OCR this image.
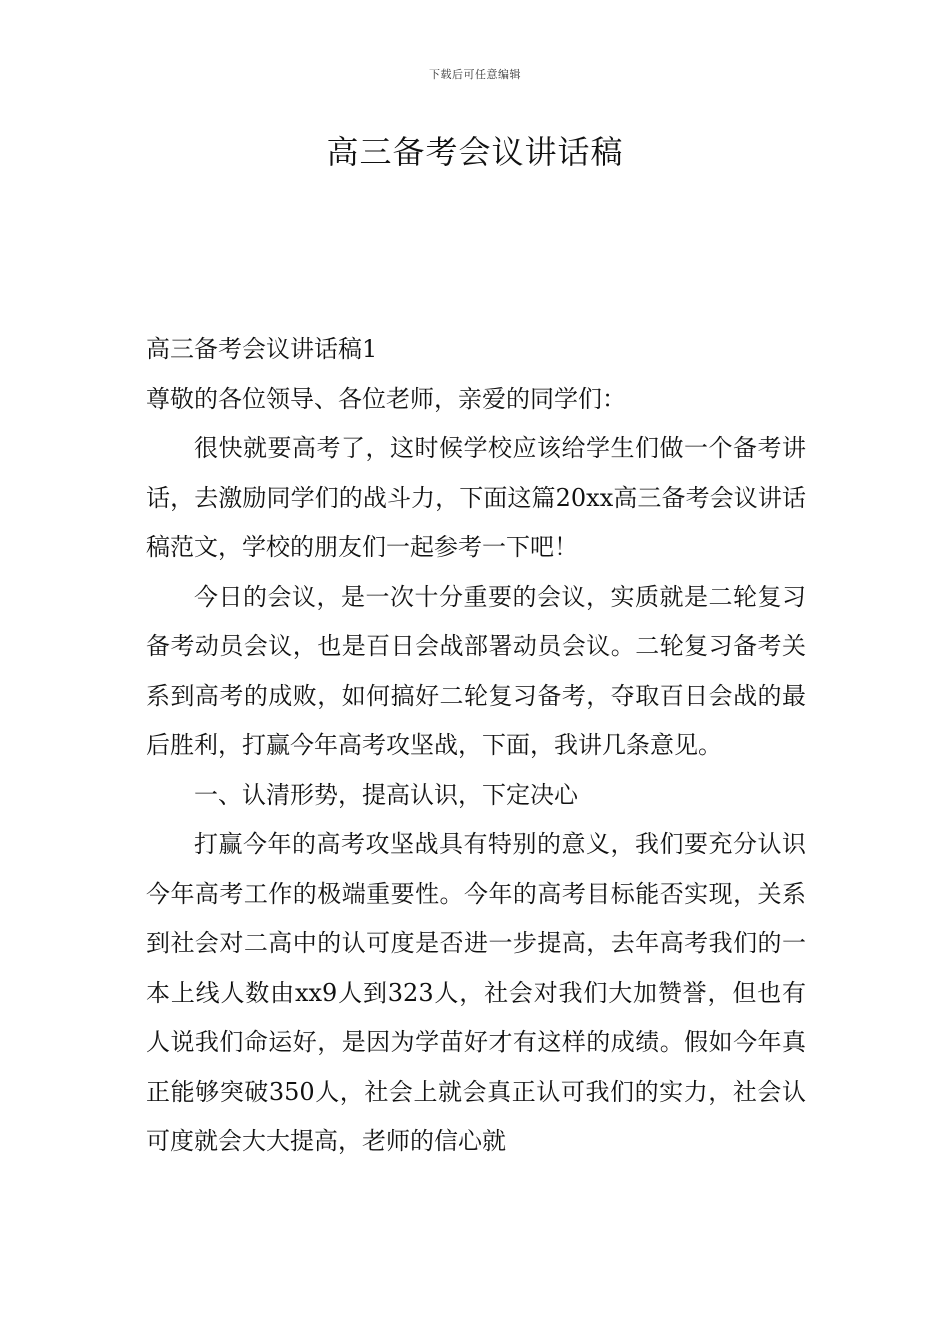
下载后可任意编辑
高三备考会议讲话稿

高三备考会议讲话稿1

尊敬的各位领导、各位老师，亲爱的同学们：

很快就要高考了，这时候学校应该给学生们做一个备考讲话，去激励同学们的战斗力，下面这篇20xx高三备考会议讲话稿范文，学校的朋友们一起参考一下吧！

今日的会议，是一次十分重要的会议，实质就是二轮复习备考动员会议，也是百日会战部署动员会议。二轮复习备考关系到高考的成败，如何搞好二轮复习备考，夺取百日会战的最后胜利，打赢今年高考攻坚战，下面，我讲几条意见。

一、认清形势，提高认识，下定决心

打赢今年的高考攻坚战具有特别的意义，我们要充分认识今年高考工作的极端重要性。今年的高考目标能否实现，关系到社会对二高中的认可度是否进一步提高，去年高考我们的一本上线人数由xx9人到323人，社会对我们大加赞誉，但也有人说我们命运好，是因为学苗好才有这样的成绩。假如今年真正能够突破350人，社会上就会真正认可我们的实力，社会认可度就会大大提高，老师的信心就
